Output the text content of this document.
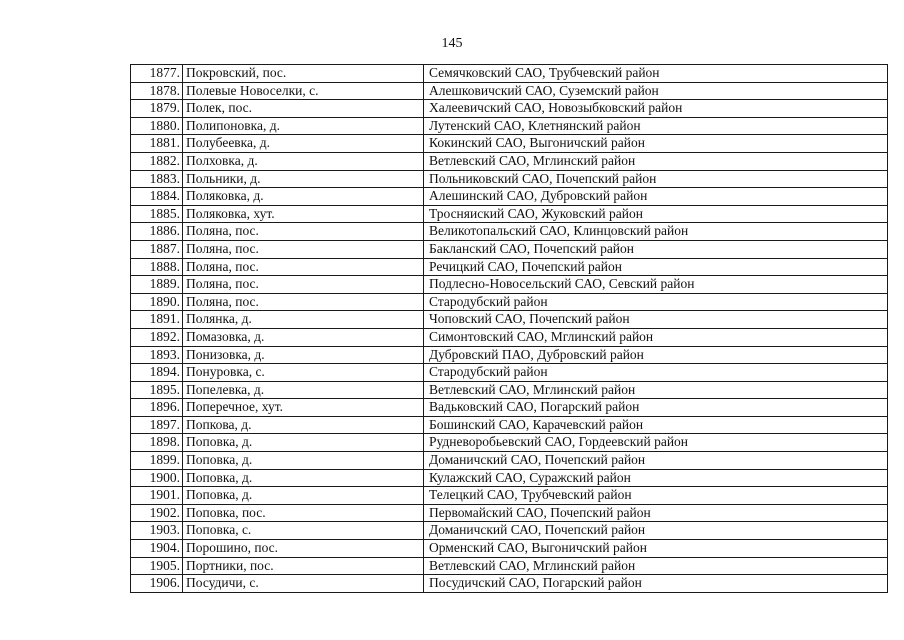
145
1877.	Покровский, пос.	Семячковский САО, Трубчевский район
1878.	Полевые Новоселки, с.	Алешковичский САО, Суземский район
1879.	Полек, пос.	Халеевичский САО, Новозыбковский район
1880.	Полипоновка, д.	Лутенский САО, Клетнянский район
1881.	Полубеевка, д.	Кокинский САО, Выгоничский район
1882.	Полховка, д.	Ветлевский САО, Мглинский район
1883.	Польники, д.	Польниковский САО, Почепский район
1884.	Поляковка, д.	Алешинский САО, Дубровский район
1885.	Поляковка, хут.	Тросняиский САО, Жуковский район
1886.	Поляна, пос.	Великотопальский САО, Клинцовский район
1887.	Поляна, пос.	Бакланский САО, Почепский район
1888.	Поляна, пос.	Речицкий САО, Почепский район
1889.	Поляна, пос.	Подлесно-Новосельский САО, Севский район
1890.	Поляна, пос.	Стародубский район
1891.	Полянка, д.	Чоповский САО, Почепский район
1892.	Помазовка, д.	Симонтовский САО, Мглинский район
1893.	Понизовка, д.	Дубровский ПАО, Дубровский район
1894.	Понуровка, с.	Стародубский район
1895.	Попелевка, д.	Ветлевский САО, Мглинский район
1896.	Поперечное, хут.	Вадьковский САО, Погарский район
1897.	Попкова, д.	Бошинский САО, Карачевский район
1898.	Поповка, д.	Рудневоробьевский САО, Гордеевский район
1899.	Поповка, д.	Доманичский САО, Почепский район
1900.	Поповка, д.	Кулажский САО, Суражский район
1901.	Поповка, д.	Телецкий САО, Трубчевский район
1902.	Поповка, пос.	Первомайский САО, Почепский район
1903.	Поповка, с.	Доманичский САО, Почепский район
1904.	Порошино, пос.	Орменский САО, Выгоничский район
1905.	Портники, пос.	Ветлевский САО, Мглинский район
1906.	Посудичи, с.	Посудичский САО, Погарский район
